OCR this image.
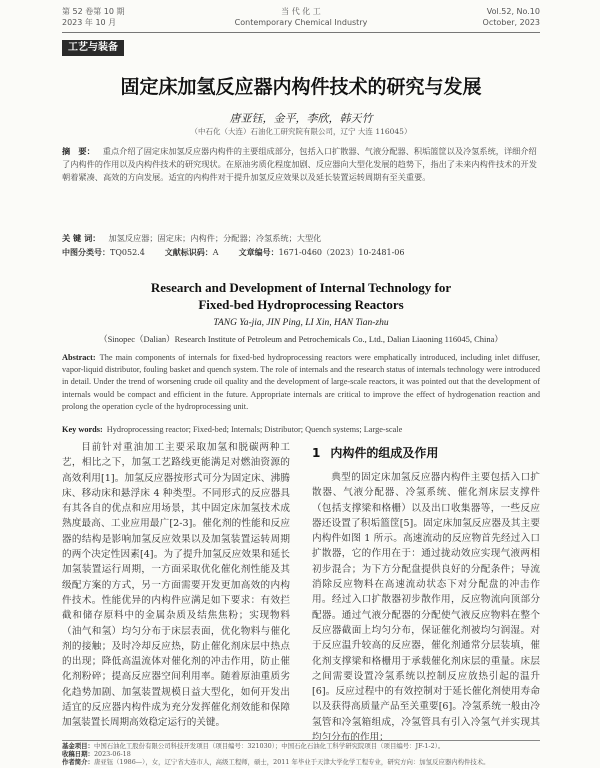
第 52 卷第 10 期
2023 年 10 月
当 代 化 工
Contemporary Chemical Industry
Vol.52, No.10
October, 2023
工艺与装备
固定床加氢反应器内构件技术的研究与发展
唐亚钰，金平，李欣，韩天竹
（中石化（大连）石油化工研究院有限公司，辽宁 大连 116045）
摘　要： 重点介绍了固定床加氢反应器内构件的主要组成部分，包括入口扩散器、气液分配器、积垢篮筐以及冷氢系统，详细介绍了内构件的作用以及内构件技术的研究现状。在原油劣质化程度加剧、反应器向大型化发展的趋势下，指出了未来内构件技术的开发朝着紧凑、高效的方向发展。适宜的内构件对于提升加氢反应效果以及延长装置运转周期有至关重要。
关 键 词： 加氢反应器；固定床；内构件；分配器；冷氢系统；大型化
中图分类号：TQ052.4	文献标识码：A	文章编号：1671-0460（2023）10-2481-06
Research and Development of Internal Technology for
Fixed-bed Hydroprocessing Reactors
TANG Ya-jia, JIN Ping, LI Xin, HAN Tian-zhu
（Sinopec（Dalian）Research Institute of Petroleum and Petrochemicals Co., Ltd., Dalian Liaoning 116045, China）
Abstract: The main components of internals for fixed-bed hydroprocessing reactors were emphatically introduced, including inlet diffuser, vapor-liquid distributor, fouling basket and quench system. The role of internals and the research status of internals technology were introduced in detail. Under the trend of worsening crude oil quality and the development of large-scale reactors, it was pointed out that the development of internals would be compact and efficient in the future. Appropriate internals are critical to improve the effect of hydrogenation reaction and prolong the operation cycle of the hydroprocessing unit.
Key words: Hydroprocessing reactor; Fixed-bed; Internals; Distributor; Quench systems; Large-scale

目前针对重油加工主要采取加氢和脱碳两种工艺，相比之下，加氢工艺路线更能满足对燃油资源的高效利用[1]。加氢反应器按形式可分为固定床、沸腾床、移动床和悬浮床 4 种类型。不同形式的反应器具有其各自的优点和应用场景，其中固定床加氢技术成熟度最高、工业应用最广[2-3]。催化剂的性能和反应器的结构是影响加氢反应效果以及加氢装置运转周期的两个决定性因素[4]。为了提升加氢反应效果和延长加氢装置运行周期，一方面采取优化催化剂性能及其级配方案的方式，另一方面需要开发更加高效的内构件技术。性能优异的内构件应满足如下要求：有效拦截和储存原料中的金属杂质及结焦焦粉；实现物料（油气和氢）均匀分布于床层表面，优化物料与催化剂的接触；及时冷却反应热，防止催化剂床层中热点的出现；降低高温流体对催化剂的冲击作用，防止催化剂粉碎；提高反应器空间利用率。随着原油重质劣化趋势加剧、加氢装置规模日益大型化，如何开发出适宜的反应器内构件成为充分发挥催化剂效能和保障加氢装置长周期高效稳定运行的关键。

1 内构件的组成及作用

典型的固定床加氢反应器内构件主要包括入口扩散器、气液分配器、冷氢系统、催化剂床层支撑件（包括支撑梁和格栅）以及出口收集器等，一些反应器还设置了积垢篮筐[5]。固定床加氢反应器及其主要内构件如图 1 所示。高速流动的反应物首先经过入口扩散器，它的作用在于：通过拢动效应实现气液两相初步混合；为下方分配盘提供良好的分配条件；导流消除反应物料在高速流动状态下对分配盘的冲击作用。经过入口扩散器初步散作用，反应物流向顶部分配器。通过气液分配器的分配使气液反应物料在整个反应器截面上均匀分布，保证催化剂被均匀润湿。对于反应温升较高的反应器，催化剂通常分层装填，催化剂支撑梁和格栅用于承载催化剂床层的重量。床层之间需要设置冷氢系统以控制反应放热引起的温升[6]。反应过程中的有效控制对于延长催化剂使用寿命以及获得高质量产品至关重要[6]。冷氢系统一般由冷氢管和冷氢箱组成，冷氢管具有引入冷氢气并实现其均匀分布的作用；

基金项目：中国石油化工股份有限公司科技开发项目（项目编号：321030）；中国石化石油化工科学研究院项目（项目编号：JF-1-2）。
收稿日期：2023-06-18
作者简介：唐亚钰（1986—），女，辽宁省大连市人，高级工程师，硕士，2011 年毕业于天津大学化学工程专业，研究方向：加氢反应器内构件技术。
